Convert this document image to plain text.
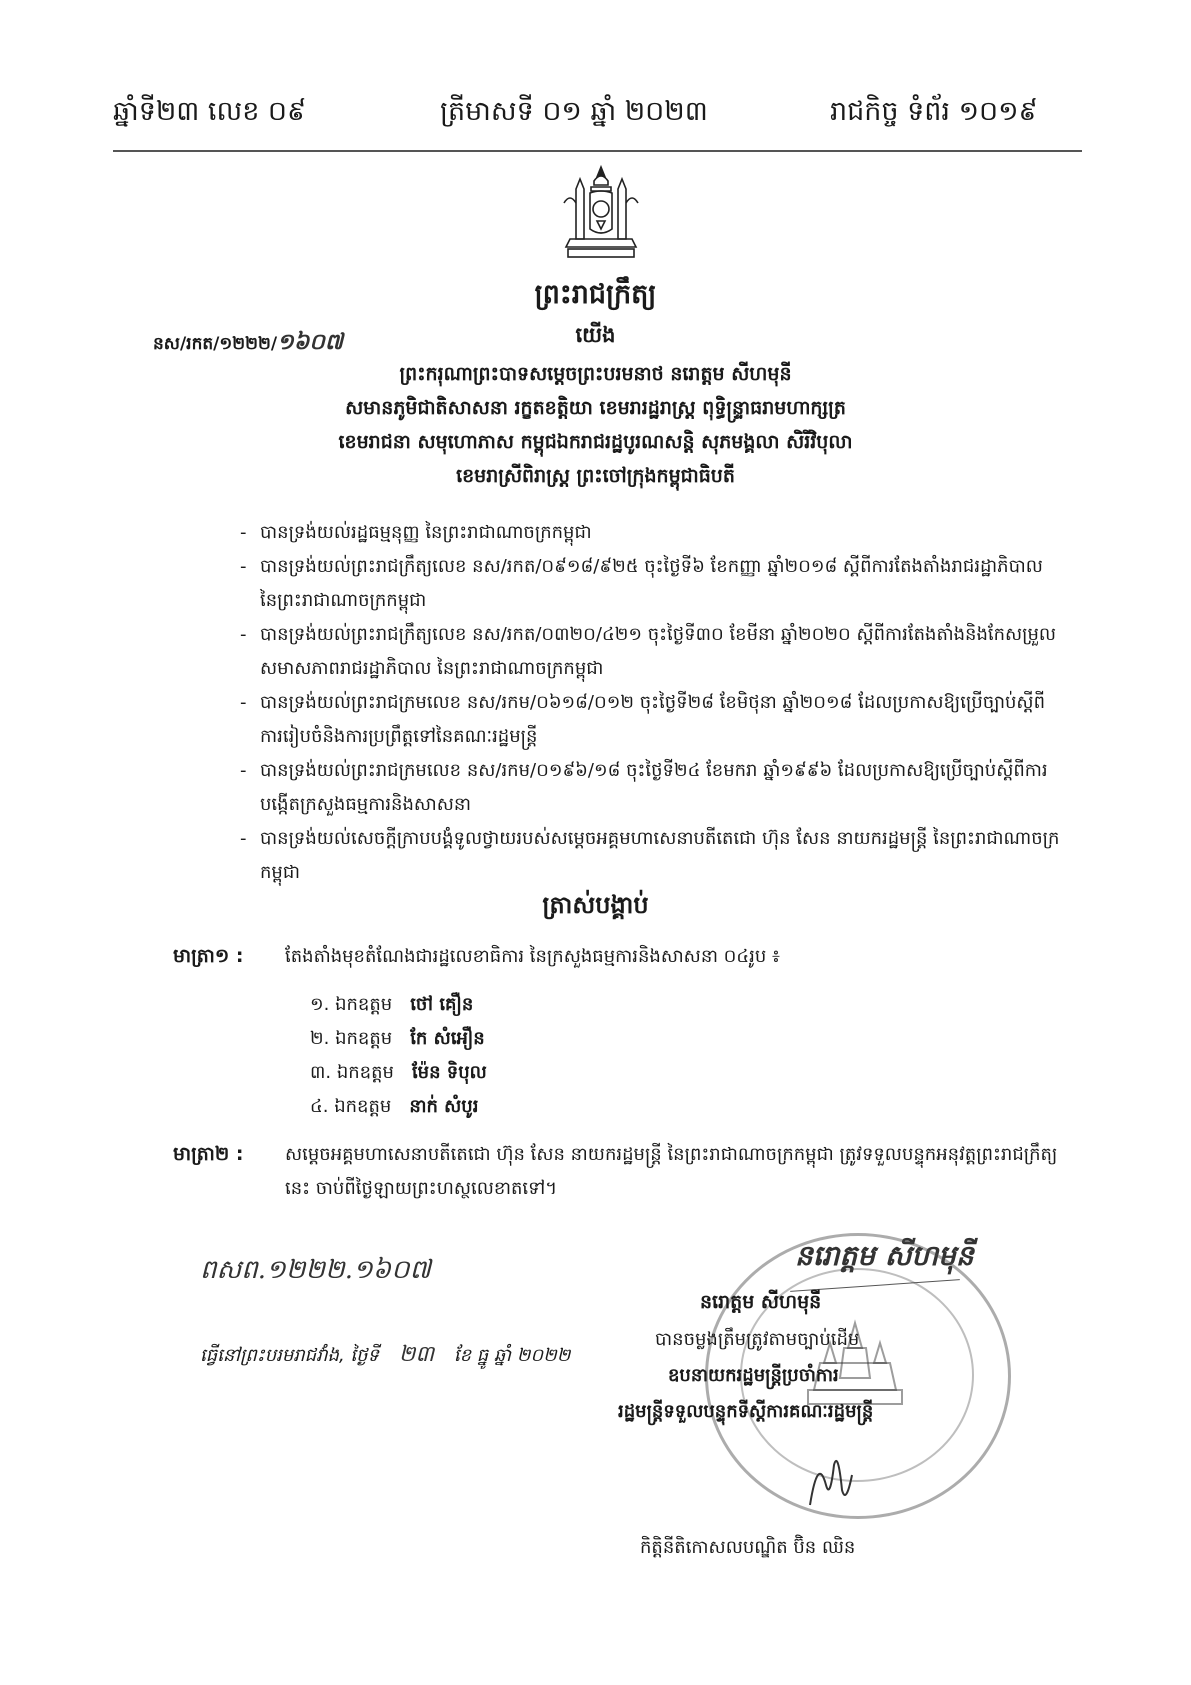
ឆ្នាំទី២៣ លេខ ០៩	ត្រីមាសទី ០១ ឆ្នាំ ២០២៣	រាជកិច្ច ទំព័រ ១០១៩
ព្រះរាជក្រឹត្យ
នស/រកត/១២២២/១៦០៧	យើង
ព្រះករុណាព្រះបាទសម្តេចព្រះបរមនាថ នរោត្តម សីហមុនី
សមានភូមិជាតិសាសនា រក្ខតខត្តិយា ខេមរារដ្ឋរាស្ត្រ ពុទ្ធិន្ទ្រាធរាមហាក្សត្រ
ខេមរាជនា សមុហោភាស កម្ពុជឯករាជរដ្ឋបូរណសន្តិ សុភមង្គលា សិរីវិបុលា
ខេមរាស្រីពិរាស្ត្រ ព្រះចៅក្រុងកម្ពុជាធិបតី
- បានទ្រង់យល់រដ្ឋធម្មនុញ្ញ នៃព្រះរាជាណាចក្រកម្ពុជា
- បានទ្រង់យល់ព្រះរាជក្រឹត្យលេខ នស/រកត/០៩១៨/៩២៥ ចុះថ្ងៃទី៦ ខែកញ្ញា ឆ្នាំ២០១៨ ស្តីពីការតែងតាំងរាជរដ្ឋាភិបាល នៃព្រះរាជាណាចក្រកម្ពុជា
- បានទ្រង់យល់ព្រះរាជក្រឹត្យលេខ នស/រកត/០៣២០/៤២១ ចុះថ្ងៃទី៣០ ខែមីនា ឆ្នាំ២០២០ ស្តីពីការតែងតាំងនិងកែសម្រួលសមាសភាពរាជរដ្ឋាភិបាល នៃព្រះរាជាណាចក្រកម្ពុជា
- បានទ្រង់យល់ព្រះរាជក្រមលេខ នស/រកម/០៦១៨/០១២ ចុះថ្ងៃទី២៨ ខែមិថុនា ឆ្នាំ២០១៨ ដែលប្រកាសឱ្យប្រើច្បាប់ស្តីពីការរៀបចំនិងការប្រព្រឹត្តទៅនៃគណៈរដ្ឋមន្ត្រី
- បានទ្រង់យល់ព្រះរាជក្រមលេខ នស/រកម/០១៩៦/១៨ ចុះថ្ងៃទី២៤ ខែមករា ឆ្នាំ១៩៩៦ ដែលប្រកាសឱ្យប្រើច្បាប់ស្តីពីការបង្កើតក្រសួងធម្មការនិងសាសនា
- បានទ្រង់យល់សេចក្តីក្រាបបង្គំទូលថ្វាយរបស់សម្តេចអគ្គមហាសេនាបតីតេជោ ហ៊ុន សែន នាយករដ្ឋមន្ត្រី នៃព្រះរាជាណាចក្រកម្ពុជា
ត្រាស់បង្គាប់
មាត្រា១ : តែងតាំងមុខតំណែងជារដ្ឋលេខាធិការ នៃក្រសួងធម្មការនិងសាសនា ០៤រូប ៖
១. ឯកឧត្តម ថៅ គឿន
២. ឯកឧត្តម កែ សំអឿន
៣. ឯកឧត្តម ម៉ែន ទិបុល
៤. ឯកឧត្តម នាក់ សំបូរ
មាត្រា២ : សម្តេចអគ្គមហាសេនាបតីតេជោ ហ៊ុន សែន នាយករដ្ឋមន្ត្រី នៃព្រះរាជាណាចក្រកម្ពុជា ត្រូវទទួលបន្ទុកអនុវត្តព្រះរាជក្រឹត្យនេះ ចាប់ពីថ្ងៃឡាយព្រះហស្ថលេខាតទៅ។
ពសព.១២២២.១៦០៧	នរោត្តម សីហមុនី
ធ្វើនៅព្រះបរមរាជវាំង, ថ្ងៃទី ២៣ ខែ ធ្នូ ឆ្នាំ ២០២២
នរោត្តម សីហមុនី
បានចម្លងត្រឹមត្រូវតាមច្បាប់ដើម
ឧបនាយករដ្ឋមន្ត្រីប្រចាំការ
រដ្ឋមន្ត្រីទទួលបន្ទុកទីស្តីការគណៈរដ្ឋមន្ត្រី
កិត្តិនីតិកោសលបណ្ឌិត ប៊ិន ឈិន
